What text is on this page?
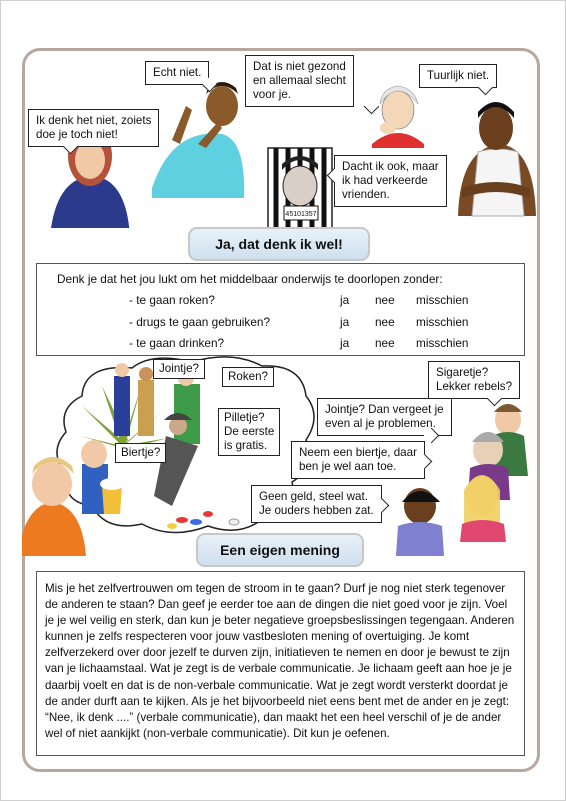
45101357
Echt niet.	Dat is niet gezond
en allemaal slecht
voor je.
Tuurlijk niet.
Ik denk het niet, zoiets
doe je toch niet!
Dacht ik ook, maar
ik had verkeerde
vrienden.
Ja, dat denk ik wel!
Denk je dat het jou lukt om het middelbaar onderwijs te doorlopen zonder:
- te gaan roken?	ja nee misschien
- drugs te gaan gebruiken?	ja nee misschien
- te gaan drinken?	ja nee misschien
Jointje?
Roken?
Pilletje?
De eerste
is gratis.
Biertje?
Sigaretje?
Lekker rebels?
Jointje? Dan vergeet je
even al je problemen.
Neem een biertje, daar
ben je wel aan toe.
Geen geld, steel wat.
Je ouders hebben zat.
Een eigen mening
Mis je het zelfvertrouwen om tegen de stroom in te gaan? Durf je nog niet sterk tegenover de anderen te staan? Dan geef je eerder toe aan de dingen die niet goed voor je zijn. Voel je je wel veilig en sterk, dan kun je beter negatieve groepsbeslissingen tegengaan. Anderen kunnen je zelfs respecteren voor jouw vastbesloten mening of overtuiging. Je komt zelfverzekerd over door jezelf te durven zijn, initiatieven te nemen en door je bewust te zijn van je lichaamstaal. Wat je zegt is de verbale communicatie. Je lichaam geeft aan hoe je je daarbij voelt en dat is de non-verbale communicatie. Wat je zegt wordt versterkt doordat je de ander durft aan te kijken. Als je het bijvoorbeeld niet eens bent met de ander en je zegt: “Nee, ik denk ....” (verbale communicatie), dan maakt het een heel verschil of je de ander wel of niet aankijkt (non-verbale communicatie). Dit kun je oefenen.
